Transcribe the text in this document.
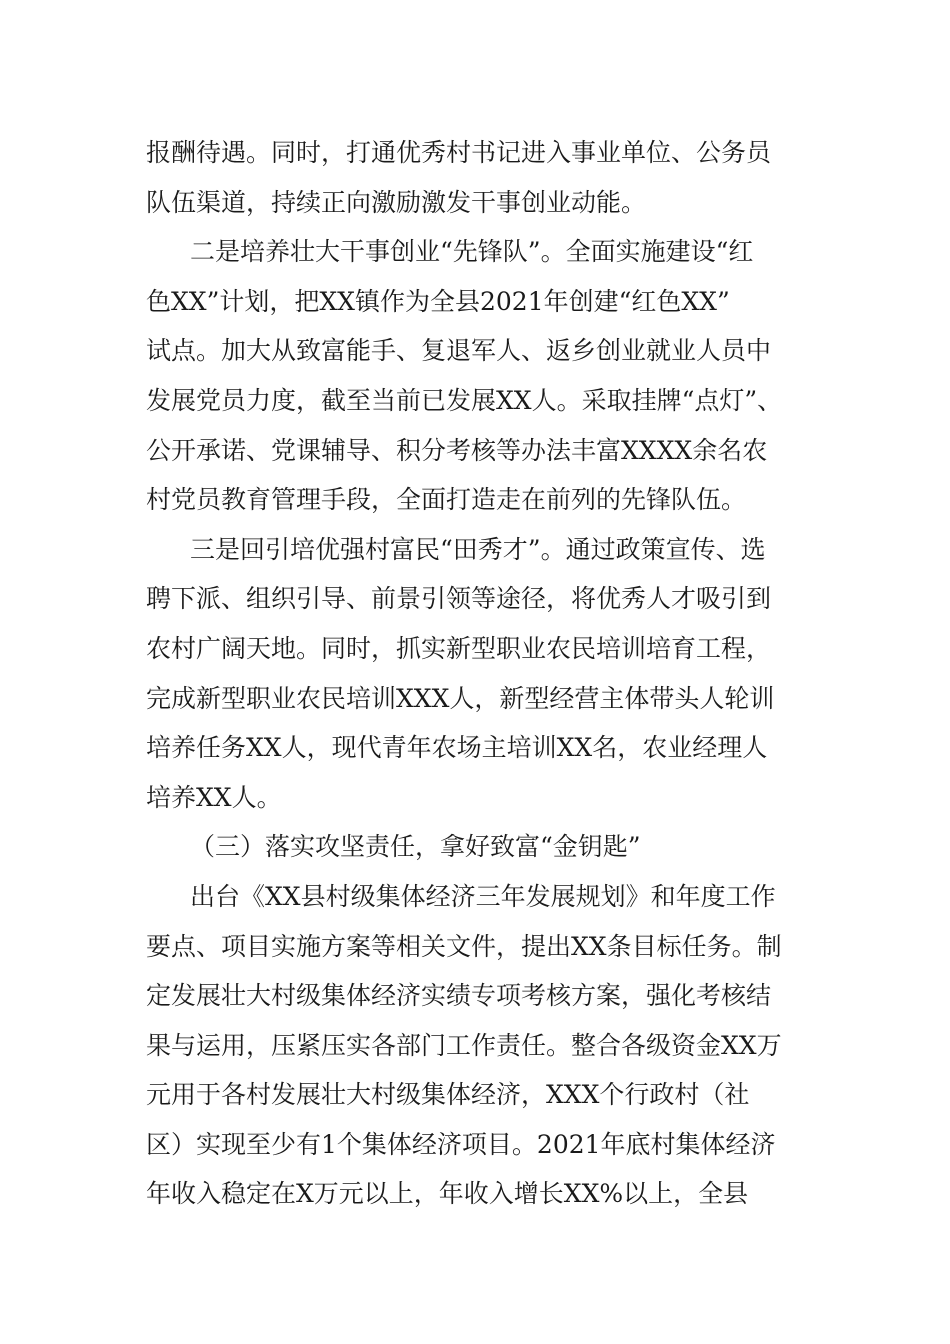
报酬待遇。同时，打通优秀村书记进入事业单位、公务员
队伍渠道，持续正向激励激发干事创业动能。
二是培养壮大干事创业“先锋队”。全面实施建设“红
色XX”计划，把XX镇作为全县2021年创建“红色XX”
试点。加大从致富能手、复退军人、返乡创业就业人员中
发展党员力度，截至当前已发展XX人。采取挂牌“点灯”、
公开承诺、党课辅导、积分考核等办法丰富XXXX余名农
村党员教育管理手段，全面打造走在前列的先锋队伍。
三是回引培优强村富民“田秀才”。通过政策宣传、选
聘下派、组织引导、前景引领等途径，将优秀人才吸引到
农村广阔天地。同时，抓实新型职业农民培训培育工程，
完成新型职业农民培训XXX人，新型经营主体带头人轮训
培养任务XX人，现代青年农场主培训XX名，农业经理人
培养XX人。
（三）落实攻坚责任，拿好致富“金钥匙”
出台《XX县村级集体经济三年发展规划》和年度工作
要点、项目实施方案等相关文件，提出XX条目标任务。制
定发展壮大村级集体经济实绩专项考核方案，强化考核结
果与运用，压紧压实各部门工作责任。整合各级资金XX万
元用于各村发展壮大村级集体经济，XXX个行政村（社
区）实现至少有1个集体经济项目。2021年底村集体经济
年收入稳定在X万元以上，年收入增长XX%以上，全县
